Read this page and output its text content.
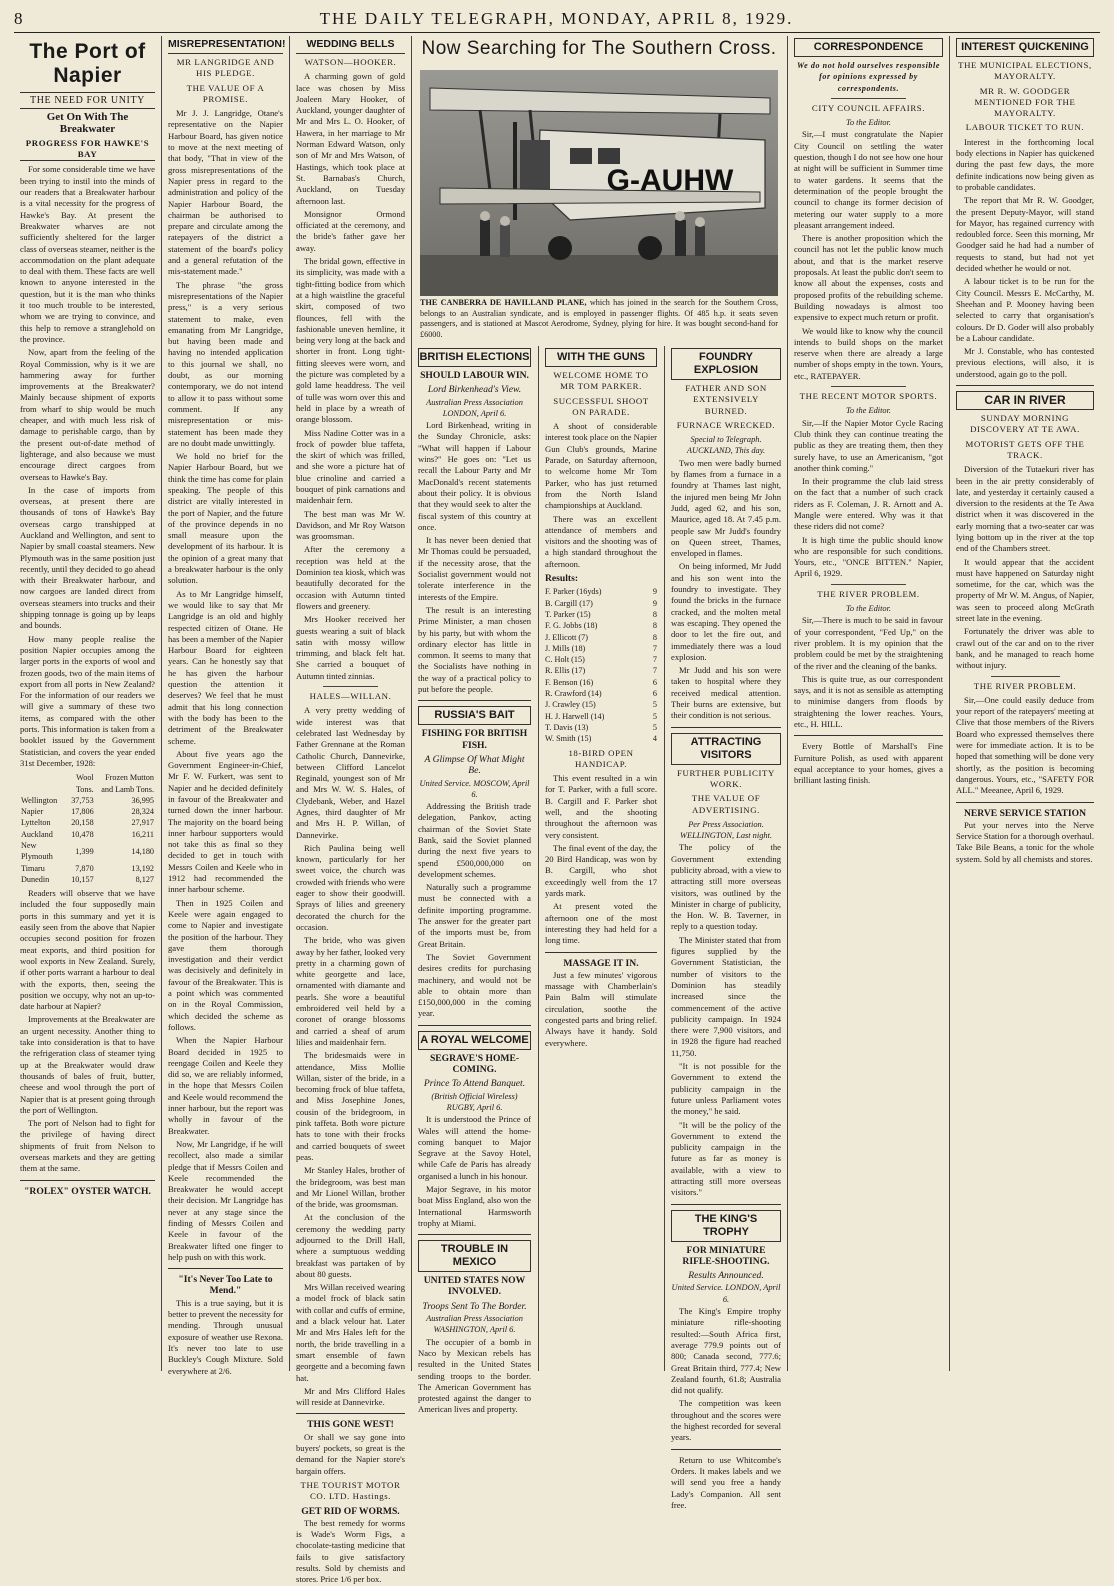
8	THE DAILY TELEGRAPH, MONDAY, APRIL 8, 1929.
The Port of Napier
THE NEED FOR UNITY
Get On With The Breakwater
PROGRESS FOR HAWKE'S BAY

For some considerable time we have been trying to instil into the minds of our readers that a Breakwater harbour is a vital necessity for the progress of Hawke's Bay. At present the Breakwater wharves are not sufficiently sheltered for the larger class of overseas steamer, neither is the accommodation on the plant adequate to deal with them. These facts are well known to anyone interested in the question, but it is the man who thinks it too much trouble to be interested, whom we are trying to convince, and this help to remove a stranglehold on the province.

Now, apart from the feeling of the Royal Commission, why is it we are hammering away for further improvements at the Breakwater? Mainly because shipment of exports from wharf to ship would be much cheaper, and with much less risk of damage to perishable cargo, than by the present out-of-date method of lighterage, and also because we must encourage direct cargoes from overseas to Hawke's Bay.

In the case of imports from overseas, at present there are thousands of tons of Hawke's Bay overseas cargo transhipped at Auckland and Wellington, and sent to Napier by small coastal steamers. New Plymouth was in the same position just recently, until they decided to go ahead with their Breakwater harbour, and now cargoes are landed direct from overseas steamers into trucks and their shipping tonnage is going up by leaps and bounds.

How many people realise the position Napier occupies among the larger ports in the exports of wool and frozen goods, two of the main items of export from all ports in New Zealand? For the information of our readers we will give a summary of these two items, as compared with the other ports. This information is taken from a booklet issued by the Government Statistician, and covers the year ended 31st December, 1928:

	Wool Tons.	Frozen Mutton and Lamb Tons.
Wellington	37,753	36,995
Napier	17,806	28,324
Lyttelton	20,158	27,917
Auckland	10,478	16,211
New Plymouth	1,399	14,180
Timaru	7,870	13,192
Dunedin	10,157	8,127

Readers will observe that we have included the four supposedly main ports in this summary and yet it is easily seen from the above that Napier occupies second position for frozen meat exports, and third position for wool exports in New Zealand. Surely, if other ports warrant a harbour to deal with the exports, then, seeing the position we occupy, why not an up-to-date harbour at Napier?

Improvements at the Breakwater are an urgent necessity. Another thing to take into consideration is that to have the refrigeration class of steamer tying up at the Breakwater would draw thousands of bales of fruit, butter, cheese and wool through the port of Napier that is at present going through the port of Wellington.

The port of Nelson had to fight for the privilege of having direct shipments of fruit from Nelson to overseas markets and they are getting them at the same.

"ROLEX" OYSTER WATCH.
MISREPRESENTATION!
MR LANGRIDGE AND HIS PLEDGE.
THE VALUE OF A PROMISE.

Mr J. J. Langridge, Otane's representative on the Napier Harbour Board, has given notice to move at the next meeting of that body, "That in view of the gross misrepresentations of the Napier press in regard to the administration and policy of the Napier Harbour Board, the chairman be authorised to prepare and circulate among the ratepayers of the district a statement of the board's policy and a general refutation of the mis-statement made."

The phrase "the gross misrepresentations of the Napier press," is a very serious statement to make, even emanating from Mr Langridge, but having been made and having no intended application to this journal we shall, no doubt, as our morning contemporary, we do not intend to allow it to pass without some comment. If any misrepresentation or mis-statement has been made they are no doubt made unwittingly.

We hold no brief for the Napier Harbour Board, but we think the time has come for plain speaking. The people of this district are vitally interested in the port of Napier, and the future of the province depends in no small measure upon the development of its harbour. It is the opinion of a great many that a breakwater harbour is the only solution.

As to Mr Langridge himself, we would like to say that Mr Langridge is an old and highly respected citizen of Otane. He has been a member of the Napier Harbour Board for eighteen years. Can he honestly say that he has given the harbour question the attention it deserves? We feel that he must admit that his long connection with the body has been to the detriment of the Breakwater scheme.

About five years ago the Government Engineer-in-Chief, Mr F. W. Furkert, was sent to Napier and he decided definitely in favour of the Breakwater and turned down the inner harbour. The majority on the board being inner harbour supporters would not take this as final so they decided to get in touch with Messrs Coilen and Keele who in 1912 had recommended the inner harbour scheme.

Then in 1925 Coilen and Keele were again engaged to come to Napier and investigate the position of the harbour. They gave them thorough investigation and their verdict was decisively and definitely in favour of the Breakwater. This is a point which was commented on in the Royal Commission, which decided the scheme as follows.

When the Napier Harbour Board decided in 1925 to reengage Coilen and Keele they did so, we are reliably informed, in the hope that Messrs Coilen and Keele would recommend the inner harbour, but the report was wholly in favour of the Breakwater.

Now, Mr Langridge, if he will recollect, also made a similar pledge that if Messrs Coilen and Keele recommended the Breakwater he would accept their decision. Mr Langridge has never at any stage since the finding of Messrs Coilen and Keele in favour of the Breakwater lifted one finger to help push on with this work.

"It's Never Too Late to Mend."

This is a true saying, but it is better to prevent the necessity for mending. Through unusual exposure of weather use Rexona. It's never too late to use Buckley's Cough Mixture. Sold everywhere at 2/6.

WEDDING BELLS
WATSON—HOOKER.

A charming gown of gold lace was chosen by Miss Joaleen Mary Hooker, of Auckland, younger daughter of Mr and Mrs L. O. Hooker, of Hawera, in her marriage to Mr Norman Edward Watson, only son of Mr and Mrs Watson, of Hastings, which took place at St. Barnabas's Church, Auckland, on Tuesday afternoon last.

Monsignor Ormond officiated at the ceremony, and the bride's father gave her away.

The bridal gown, effective in its simplicity, was made with a tight-fitting bodice from which at a high waistline the graceful skirt, composed of two flounces, fell with the fashionable uneven hemline, it being very long at the back and shorter in front. Long tight-fitting sleeves were worn, and the picture was completed by a gold lame headdress. The veil of tulle was worn over this and held in place by a wreath of orange blossom.

Miss Nadine Cotter was in a frock of powder blue taffeta, the skirt of which was frilled, and she wore a picture hat of blue crinoline and carried a bouquet of pink carnations and maidenhair fern.

The best man was Mr W. Davidson, and Mr Roy Watson was groomsman.

After the ceremony a reception was held at the Dominion tea kiosk, which was beautifully decorated for the occasion with Autumn tinted flowers and greenery.

Mrs Hooker received her guests wearing a suit of black satin with mossy willow trimming, and black felt hat. She carried a bouquet of Autumn tinted zinnias.

HALES—WILLAN.

A very pretty wedding of wide interest was that celebrated last Wednesday by Father Grennane at the Roman Catholic Church, Dannevirke, between Clifford Lancelot Reginald, youngest son of Mr and Mrs W. W. S. Hales, of Clydebank, Weber, and Hazel Agnes, third daughter of Mr and Mrs H. P. Willan, of Dannevirke.

Rich Paulina being well known, particularly for her sweet voice, the church was crowded with friends who were eager to show their goodwill. Sprays of lilies and greenery decorated the church for the occasion.

The bride, who was given away by her father, looked very pretty in a charming gown of white georgette and lace, ornamented with diamante and pearls. She wore a beautiful embroidered veil held by a coronet of orange blossoms and carried a sheaf of arum lilies and maidenhair fern.

The bridesmaids were in attendance, Miss Mollie Willan, sister of the bride, in a becoming frock of blue taffeta, and Miss Josephine Jones, cousin of the bridegroom, in pink taffeta. Both wore picture hats to tone with their frocks and carried bouquets of sweet peas.

Mr Stanley Hales, brother of the bridegroom, was best man and Mr Lionel Willan, brother of the bride, was groomsman.

At the conclusion of the ceremony the wedding party adjourned to the Drill Hall, where a sumptuous wedding breakfast was partaken of by about 80 guests.

Mrs Willan received wearing a model frock of black satin with collar and cuffs of ermine, and a black velour hat. Later Mr and Mrs Hales left for the north, the bride travelling in a smart ensemble of fawn georgette and a becoming fawn hat.

Mr and Mrs Clifford Hales will reside at Dannevirke.

THIS GONE WEST!

Or shall we say gone into buyers' pockets, so great is the demand for the Napier store's bargain offers.

THE TOURIST MOTOR CO. LTD. Hastings.
GET RID OF WORMS.

The best remedy for worms is Wade's Worm Figs, a chocolate-tasting medicine that fails to give satisfactory results. Sold by chemists and stores. Price 1/6 per box.

Now Searching for The Southern Cross.
G-AUHW
THE CANBERRA DE HAVILLAND PLANE, which has joined in the search for the Southern Cross, belongs to an Australian syndicate, and is employed in passenger flights. Of 485 h.p. it seats seven passengers, and is stationed at Mascot Aerodrome, Sydney, plying for hire. It was bought second-hand for £6000.
BRITISH ELECTIONS
SHOULD LABOUR WIN.
Lord Birkenhead's View.
Australian Press Association LONDON, April 6.

Lord Birkenhead, writing in the Sunday Chronicle, asks: "What will happen if Labour wins?" He goes on: "Let us recall the Labour Party and Mr MacDonald's recent statements about their policy. It is obvious that they would seek to alter the fiscal system of this country at once.

It has never been denied that Mr Thomas could be persuaded, if the necessity arose, that the Socialist government would not tolerate interference in the interests of the Empire.

The result is an interesting Prime Minister, a man chosen by his party, but with whom the ordinary elector has little in common. It seems to many that the Socialists have nothing in the way of a practical policy to put before the people.

RUSSIA'S BAIT
FISHING FOR BRITISH FISH.
A Glimpse Of What Might Be.
United Service. MOSCOW, April 6.

Addressing the British trade delegation, Pankov, acting chairman of the Soviet State Bank, said the Soviet planned during the next five years to spend £500,000,000 on development schemes.

Naturally such a programme must be connected with a definite importing programme. The answer for the greater part of the imports must be, from Great Britain.

The Soviet Government desires credits for purchasing machinery, and would not be able to obtain more than £150,000,000 in the coming year.

A ROYAL WELCOME
SEGRAVE'S HOME-COMING.
Prince To Attend Banquet.
(British Official Wireless) RUGBY, April 6.

It is understood the Prince of Wales will attend the home-coming banquet to Major Segrave at the Savoy Hotel, while Cafe de Paris has already organised a lunch in his honour.

Major Segrave, in his motor boat Miss England, also won the International Harmsworth trophy at Miami.

TROUBLE IN MEXICO
UNITED STATES NOW INVOLVED.
Troops Sent To The Border.
Australian Press Association WASHINGTON, April 6.

The occupier of a bomb in Naco by Mexican rebels has resulted in the United States sending troops to the border. The American Government has protested against the danger to American lives and property.

WITH THE GUNS
WELCOME HOME TO MR TOM PARKER.
SUCCESSFUL SHOOT ON PARADE.

A shoot of considerable interest took place on the Napier Gun Club's grounds, Marine Parade, on Saturday afternoon, to welcome home Mr Tom Parker, who has just returned from the North Island championships at Auckland.

There was an excellent attendance of members and visitors and the shooting was of a high standard throughout the afternoon.

Results:
F. Parker (16yds)	9
B. Cargill (17)	9
T. Parker (15)	8
F. G. Jobbs (18)	8
J. Ellicott (7)	8
J. Mills (18)	7
C. Holt (15)	7
R. Ellis (17)	7
F. Benson (16)	6
R. Crawford (14)	6
J. Crawley (15)	5
H. J. Harwell (14)	5
T. Davis (13)	5
W. Smith (15)	4
18-BIRD OPEN HANDICAP.

This event resulted in a win for T. Parker, with a full score. B. Cargill and F. Parker shot well, and the shooting throughout the afternoon was very consistent.

The final event of the day, the 20 Bird Handicap, was won by B. Cargill, who shot exceedingly well from the 17 yards mark.

At present voted the afternoon one of the most interesting they had held for a long time.

MASSAGE IT IN.

Just a few minutes' vigorous massage with Chamberlain's Pain Balm will stimulate circulation, soothe the congested parts and bring relief. Always have it handy. Sold everywhere.

FOUNDRY EXPLOSION
FATHER AND SON EXTENSIVELY BURNED.
FURNACE WRECKED.
Special to Telegraph. AUCKLAND, This day.

Two men were badly burned by flames from a furnace in a foundry at Thames last night, the injured men being Mr John Judd, aged 62, and his son, Maurice, aged 18. At 7.45 p.m. people saw Mr Judd's foundry on Queen street, Thames, enveloped in flames.

On being informed, Mr Judd and his son went into the foundry to investigate. They found the bricks in the furnace cracked, and the molten metal was escaping. They opened the door to let the fire out, and immediately there was a loud explosion.

Mr Judd and his son were taken to hospital where they received medical attention. Their burns are extensive, but their condition is not serious.

ATTRACTING VISITORS
FURTHER PUBLICITY WORK.
THE VALUE OF ADVERTISING.
Per Press Association. WELLINGTON, Last night.

The policy of the Government extending publicity abroad, with a view to attracting still more overseas visitors, was outlined by the Minister in charge of publicity, the Hon. W. B. Taverner, in reply to a question today.

The Minister stated that from figures supplied by the Government Statistician, the number of visitors to the Dominion has steadily increased since the commencement of the active publicity campaign. In 1924 there were 7,900 visitors, and in 1928 the figure had reached 11,750.

"It is not possible for the Government to extend the publicity campaign in the future unless Parliament votes the money," he said.

"It will be the policy of the Government to extend the publicity campaign in the future as far as money is available, with a view to attracting still more overseas visitors."

THE KING'S TROPHY
FOR MINIATURE RIFLE-SHOOTING.
Results Announced.
United Service. LONDON, April 6.

The King's Empire trophy miniature rifle-shooting resulted:—South Africa first, average 779.9 points out of 800; Canada second, 777.6; Great Britain third, 777.4; New Zealand fourth, 61.8; Australia did not qualify.

The competition was keen throughout and the scores were the highest recorded for several years.

Return to use Whitcombe's Orders. It makes labels and we will send you free a handy Lady's Companion. All sent free.

CORRESPONDENCE
We do not hold ourselves responsible for opinions expressed by correspondents.
CITY COUNCIL AFFAIRS.
To the Editor.

Sir,—I must congratulate the Napier City Council on settling the water question, though I do not see how one hour at night will be sufficient in Summer time to water gardens. It seems that the determination of the people brought the council to change its former decision of metering our water supply to a more pleasant arrangement indeed.

There is another proposition which the council has not let the public know much about, and that is the market reserve proposals. At least the public don't seem to know all about the expenses, costs and proposed profits of the rebuilding scheme. Building nowadays is almost too expensive to expect much return or profit.

We would like to know why the council intends to build shops on the market reserve when there are already a large number of shops empty in the town. Yours, etc., RATEPAYER.

THE RECENT MOTOR SPORTS.
To the Editor.

Sir,—If the Napier Motor Cycle Racing Club think they can continue treating the public as they are treating them, then they surely have, to use an Americanism, "got another think coming."

In their programme the club laid stress on the fact that a number of such crack riders as F. Coleman, J. R. Arnott and A. Mangle were entered. Why was it that these riders did not come?

It is high time the public should know who are responsible for such conditions. Yours, etc., "ONCE BITTEN." Napier, April 6, 1929.

THE RIVER PROBLEM.
To the Editor.

Sir,—There is much to be said in favour of your correspondent, "Fed Up," on the river problem. It is my opinion that the problem could be met by the straightening of the river and the cleaning of the banks.

This is quite true, as our correspondent says, and it is not as sensible as attempting to minimise dangers from floods by straightening the lower reaches. Yours, etc., H. HILL.

Every Bottle of Marshall's Fine Furniture Polish, as used with apparent equal acceptance to your homes, gives a brilliant lasting finish.

INTEREST QUICKENING
THE MUNICIPAL ELECTIONS, MAYORALTY.
MR R. W. GOODGER MENTIONED FOR THE MAYORALTY.
LABOUR TICKET TO RUN.

Interest in the forthcoming local body elections in Napier has quickened during the past few days, the more definite indications now being given as to probable candidates.

The report that Mr R. W. Goodger, the present Deputy-Mayor, will stand for Mayor, has regained currency with redoubled force. Seen this morning, Mr Goodger said he had had a number of requests to stand, but had not yet decided whether he would or not.

A labour ticket is to be run for the City Council. Messrs E. McCarthy, M. Sheehan and P. Mooney having been selected to carry that organisation's colours. Dr D. Goder will also probably be a Labour candidate.

Mr J. Constable, who has contested previous elections, will also, it is understood, again go to the poll.

CAR IN RIVER
SUNDAY MORNING DISCOVERY AT TE AWA.
MOTORIST GETS OFF THE TRACK.

Diversion of the Tutaekuri river has been in the air pretty considerably of late, and yesterday it certainly caused a diversion to the residents at the Te Awa district when it was discovered in the early morning that a two-seater car was lying bottom up in the river at the top end of the Chambers street.

It would appear that the accident must have happened on Saturday night sometime, for the car, which was the property of Mr W. M. Angus, of Napier, was seen to proceed along McGrath street late in the evening.

Fortunately the driver was able to crawl out of the car and on to the river bank, and he managed to reach home without injury.

THE RIVER PROBLEM.

Sir,—One could easily deduce from your report of the ratepayers' meeting at Clive that those members of the Rivers Board who expressed themselves there were for immediate action. It is to be hoped that something will be done very shortly, as the position is becoming dangerous. Yours, etc., "SAFETY FOR ALL." Meeanee, April 6, 1929.

NERVE SERVICE STATION

Put your nerves into the Nerve Service Station for a thorough overhaul. Take Bile Beans, a tonic for the whole system. Sold by all chemists and stores.
